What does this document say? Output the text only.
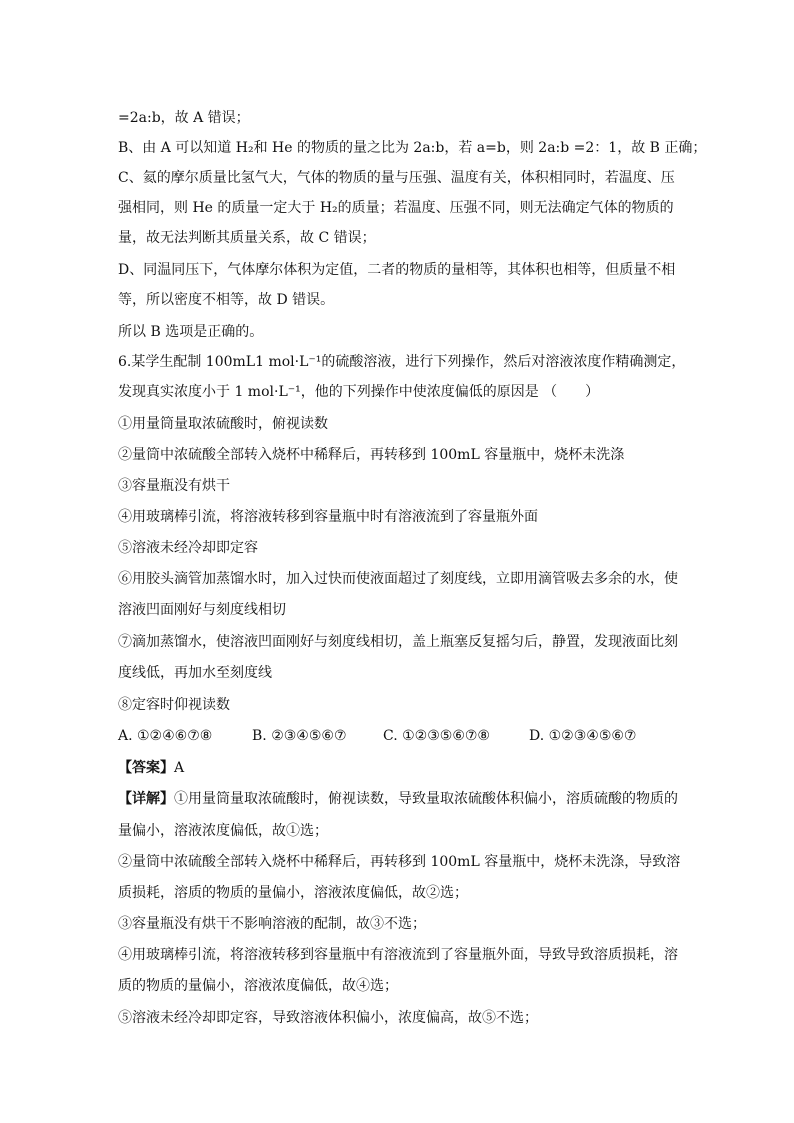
=2a:b，故 A 错误；
B、由 A 可以知道 H₂和 He 的物质的量之比为 2a:b，若 a=b，则 2a:b =2：1，故 B 正确；
C、氦的摩尔质量比氢气大，气体的物质的量与压强、温度有关，体积相同时，若温度、压
强相同，则 He 的质量一定大于 H₂的质量；若温度、压强不同，则无法确定气体的物质的
量，故无法判断其质量关系，故 C 错误；
D、同温同压下，气体摩尔体积为定值，二者的物质的量相等，其体积也相等，但质量不相
等，所以密度不相等，故 D 错误。
所以 B 选项是正确的。
6.某学生配制 100mL1 mol·L⁻¹的硫酸溶液，进行下列操作，然后对溶液浓度作精确测定，
发现真实浓度小于 1 mol·L⁻¹，他的下列操作中使浓度偏低的原因是 （　　）
①用量筒量取浓硫酸时，俯视读数
②量筒中浓硫酸全部转入烧杯中稀释后，再转移到 100mL 容量瓶中，烧杯未洗涤
③容量瓶没有烘干
④用玻璃棒引流，将溶液转移到容量瓶中时有溶液流到了容量瓶外面
⑤溶液未经冷却即定容
⑥用胶头滴管加蒸馏水时，加入过快而使液面超过了刻度线，立即用滴管吸去多余的水，使
溶液凹面刚好与刻度线相切
⑦滴加蒸馏水，使溶液凹面刚好与刻度线相切，盖上瓶塞反复摇匀后，静置，发现液面比刻
度线低，再加水至刻度线
⑧定容时仰视读数
A. ①②④⑥⑦⑧	B. ②③④⑤⑥⑦	C. ①②③⑤⑥⑦⑧	D. ①②③④⑤⑥⑦
【答案】A
【详解】①用量筒量取浓硫酸时，俯视读数，导致量取浓硫酸体积偏小，溶质硫酸的物质的
量偏小，溶液浓度偏低，故①选；
②量筒中浓硫酸全部转入烧杯中稀释后，再转移到 100mL 容量瓶中，烧杯未洗涤，导致溶
质损耗，溶质的物质的量偏小，溶液浓度偏低，故②选；
③容量瓶没有烘干不影响溶液的配制，故③不选；
④用玻璃棒引流，将溶液转移到容量瓶中有溶液流到了容量瓶外面，导致导致溶质损耗，溶
质的物质的量偏小，溶液浓度偏低，故④选；
⑤溶液未经冷却即定容，导致溶液体积偏小，浓度偏高，故⑤不选；
